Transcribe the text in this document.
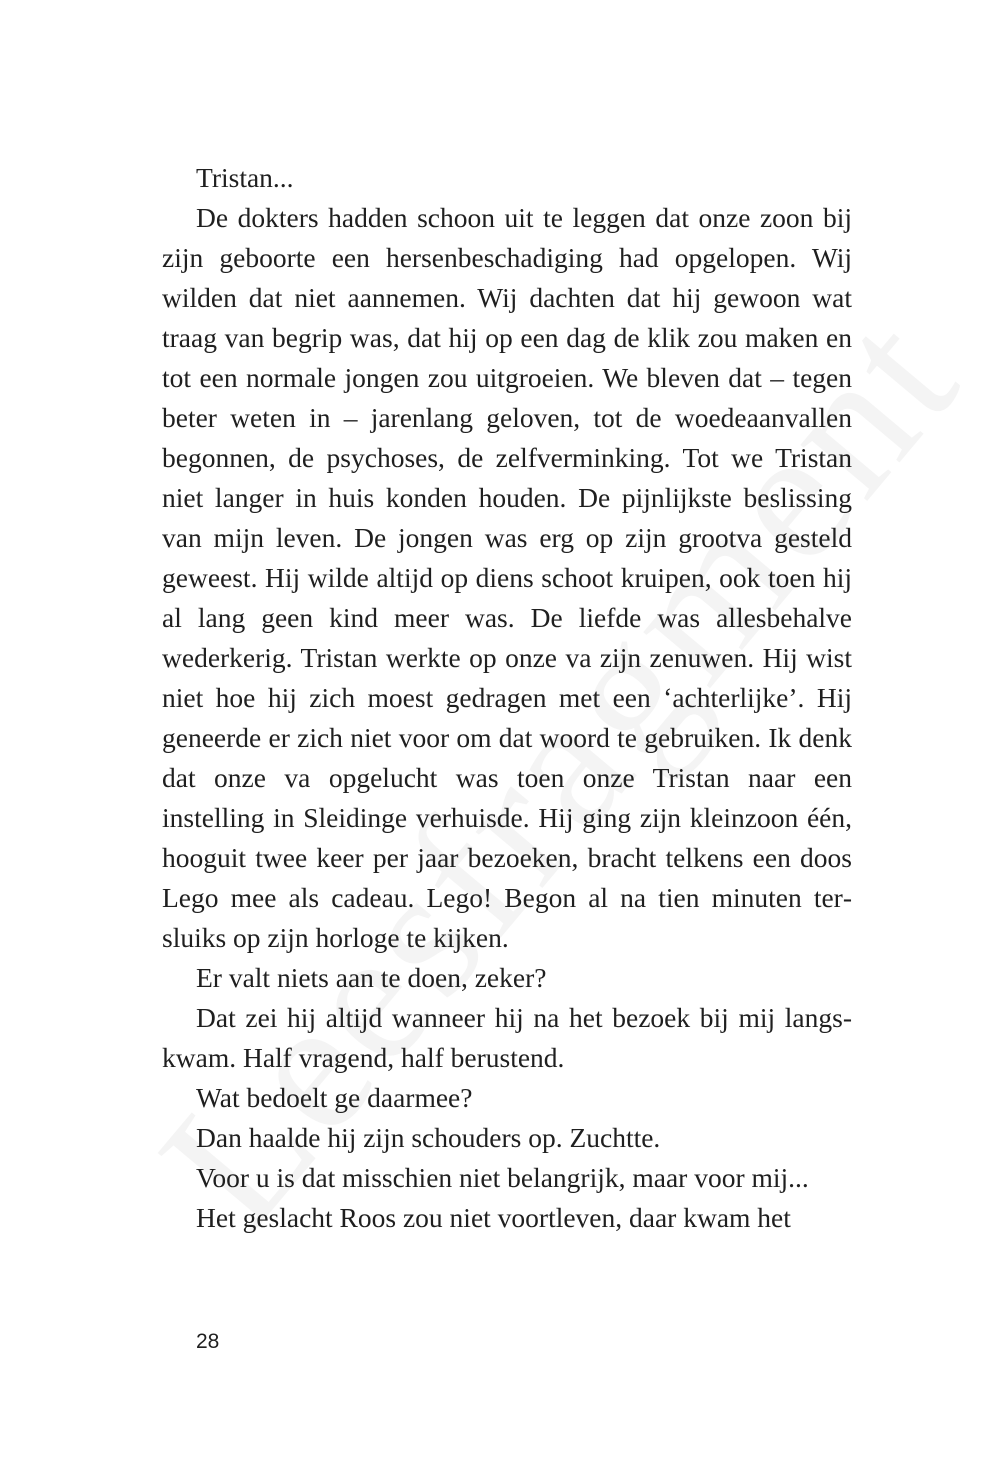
Tristan...

De dokters hadden schoon uit te leggen dat onze zoon bij zijn geboorte een hersenbeschadiging had opgelopen. Wij wilden dat niet aannemen. Wij dachten dat hij gewoon wat traag van begrip was, dat hij op een dag de klik zou maken en tot een normale jongen zou uitgroeien. We bleven dat – tegen beter weten in – jarenlang geloven, tot de woedeaanvallen begonnen, de psychoses, de zelfverminking. Tot we Tristan niet langer in huis konden houden. De pijnlijkste beslissing van mijn leven. De jongen was erg op zijn grootva gesteld geweest. Hij wilde altijd op diens schoot kruipen, ook toen hij al lang geen kind meer was. De liefde was allesbehalve wederkerig. Tristan werkte op onze va zijn zenuwen. Hij wist niet hoe hij zich moest gedragen met een ‘achterlijke’. Hij geneerde er zich niet voor om dat woord te gebruiken. Ik denk dat onze va opgelucht was toen onze Tristan naar een instelling in Sleidinge verhuisde. Hij ging zijn kleinzoon één, hooguit twee keer per jaar bezoeken, bracht telkens een doos Lego mee als cadeau. Lego! Begon al na tien minuten tersluiks op zijn horloge te kijken.

Er valt niets aan te doen, zeker?

Dat zei hij altijd wanneer hij na het bezoek bij mij langskwam. Half vragend, half berustend.

Wat bedoelt ge daarmee?

Dan haalde hij zijn schouders op. Zuchtte.

Voor u is dat misschien niet belangrijk, maar voor mij...

Het geslacht Roos zou niet voortleven, daar kwam het

28
